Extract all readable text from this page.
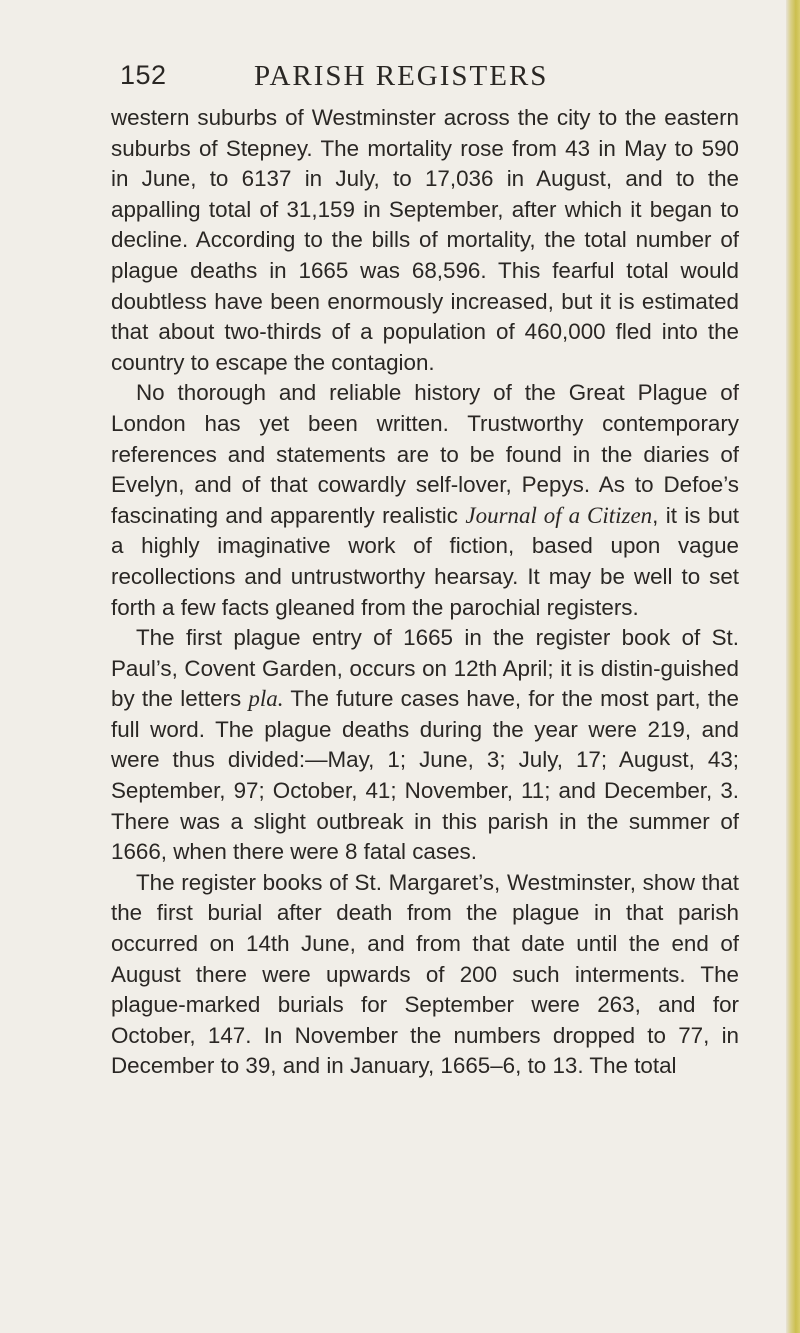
152	PARISH REGISTERS

western suburbs of Westminster across the city to the eastern suburbs of Stepney. The mortality rose from 43 in May to 590 in June, to 6137 in July, to 17,036 in August, and to the appalling total of 31,159 in September, after which it began to decline. According to the bills of mortality, the total number of plague deaths in 1665 was 68,596. This fearful total would doubtless have been enormously increased, but it is estimated that about two-thirds of a population of 460,000 fled into the country to escape the contagion.

No thorough and reliable history of the Great Plague of London has yet been written. Trustworthy contemporary references and statements are to be found in the diaries of Evelyn, and of that cowardly self-lover, Pepys. As to Defoe’s fascinating and apparently realistic Journal of a Citizen, it is but a highly imaginative work of fiction, based upon vague recollections and untrustworthy hearsay. It may be well to set forth a few facts gleaned from the parochial registers.

The first plague entry of 1665 in the register book of St. Paul’s, Covent Garden, occurs on 12th April; it is distin-guished by the letters pla. The future cases have, for the most part, the full word. The plague deaths during the year were 219, and were thus divided:—May, 1; June, 3; July, 17; August, 43; September, 97; October, 41; November, 11; and December, 3. There was a slight outbreak in this parish in the summer of 1666, when there were 8 fatal cases.

The register books of St. Margaret’s, Westminster, show that the first burial after death from the plague in that parish occurred on 14th June, and from that date until the end of August there were upwards of 200 such interments. The plague-marked burials for September were 263, and for October, 147. In November the numbers dropped to 77, in December to 39, and in January, 1665–6, to 13. The total
